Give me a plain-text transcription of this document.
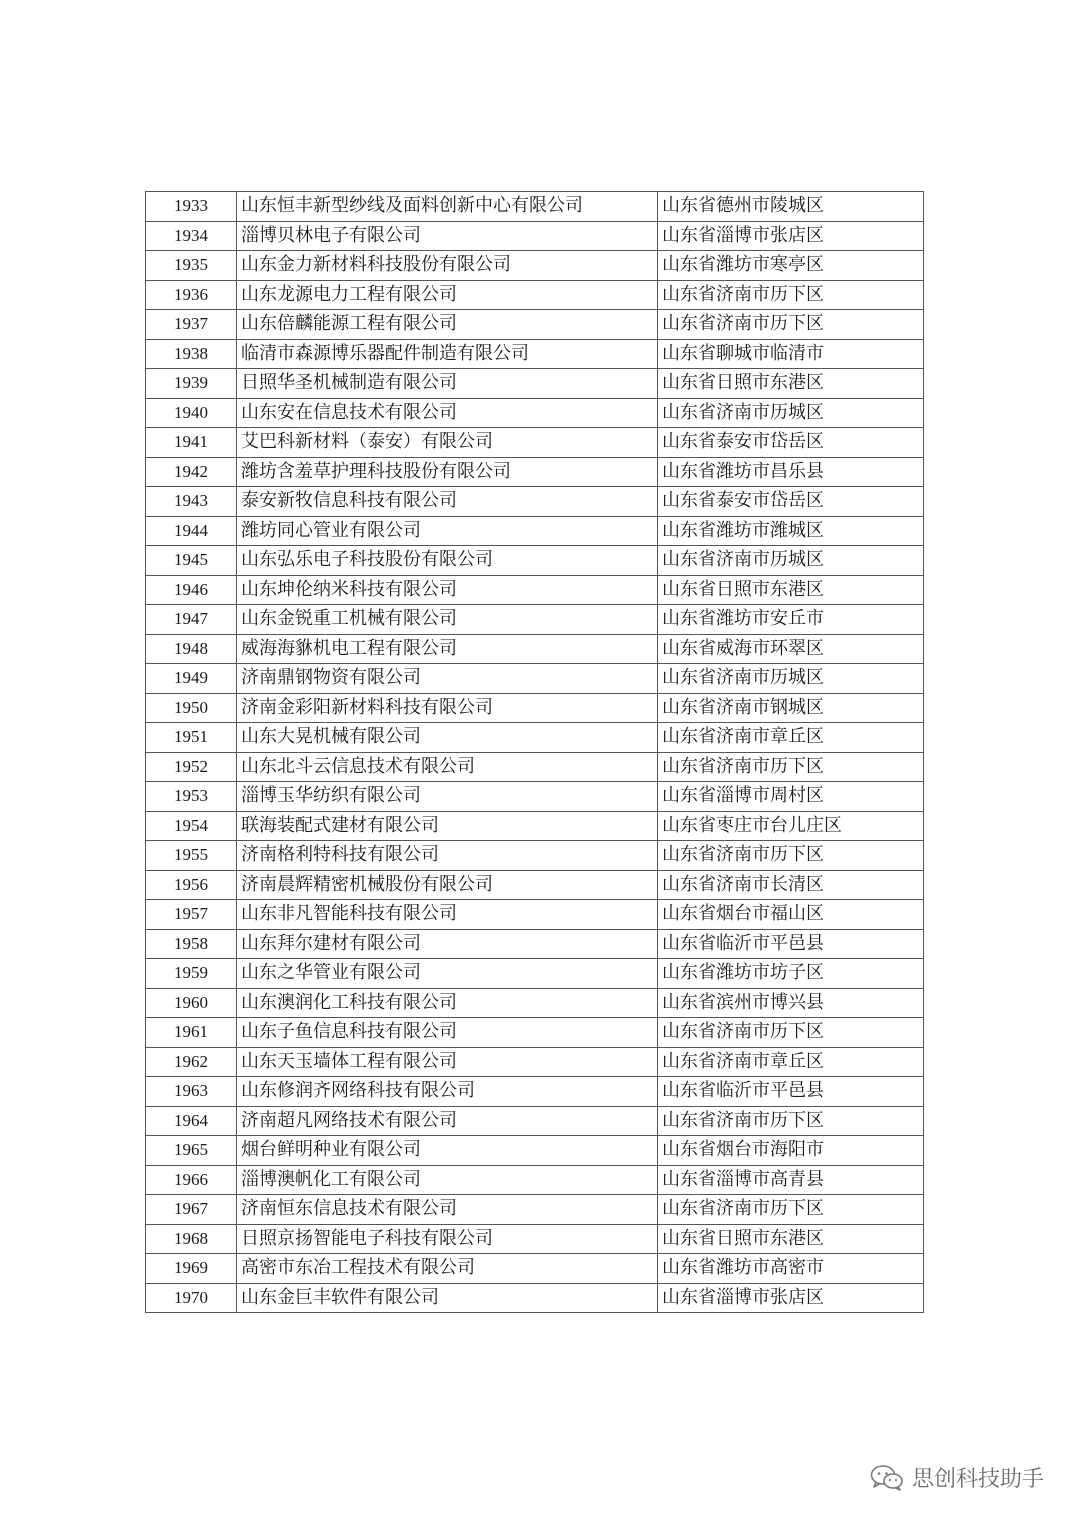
1933	山东恒丰新型纱线及面料创新中心有限公司	山东省德州市陵城区
1934	淄博贝林电子有限公司	山东省淄博市张店区
1935	山东金力新材料科技股份有限公司	山东省潍坊市寒亭区
1936	山东龙源电力工程有限公司	山东省济南市历下区
1937	山东倍麟能源工程有限公司	山东省济南市历下区
1938	临清市森源博乐器配件制造有限公司	山东省聊城市临清市
1939	日照华圣机械制造有限公司	山东省日照市东港区
1940	山东安在信息技术有限公司	山东省济南市历城区
1941	艾巴科新材料（泰安）有限公司	山东省泰安市岱岳区
1942	潍坊含羞草护理科技股份有限公司	山东省潍坊市昌乐县
1943	泰安新牧信息科技有限公司	山东省泰安市岱岳区
1944	潍坊同心管业有限公司	山东省潍坊市潍城区
1945	山东弘乐电子科技股份有限公司	山东省济南市历城区
1946	山东坤伦纳米科技有限公司	山东省日照市东港区
1947	山东金锐重工机械有限公司	山东省潍坊市安丘市
1948	威海海貅机电工程有限公司	山东省威海市环翠区
1949	济南鼎钢物资有限公司	山东省济南市历城区
1950	济南金彩阳新材料科技有限公司	山东省济南市钢城区
1951	山东大晃机械有限公司	山东省济南市章丘区
1952	山东北斗云信息技术有限公司	山东省济南市历下区
1953	淄博玉华纺织有限公司	山东省淄博市周村区
1954	联海装配式建材有限公司	山东省枣庄市台儿庄区
1955	济南格利特科技有限公司	山东省济南市历下区
1956	济南晨辉精密机械股份有限公司	山东省济南市长清区
1957	山东非凡智能科技有限公司	山东省烟台市福山区
1958	山东拜尔建材有限公司	山东省临沂市平邑县
1959	山东之华管业有限公司	山东省潍坊市坊子区
1960	山东澳润化工科技有限公司	山东省滨州市博兴县
1961	山东子鱼信息科技有限公司	山东省济南市历下区
1962	山东天玉墙体工程有限公司	山东省济南市章丘区
1963	山东修润齐网络科技有限公司	山东省临沂市平邑县
1964	济南超凡网络技术有限公司	山东省济南市历下区
1965	烟台鲜明种业有限公司	山东省烟台市海阳市
1966	淄博澳帆化工有限公司	山东省淄博市高青县
1967	济南恒东信息技术有限公司	山东省济南市历下区
1968	日照京扬智能电子科技有限公司	山东省日照市东港区
1969	高密市东冶工程技术有限公司	山东省潍坊市高密市
1970	山东金巨丰软件有限公司	山东省淄博市张店区
思创科技助手
